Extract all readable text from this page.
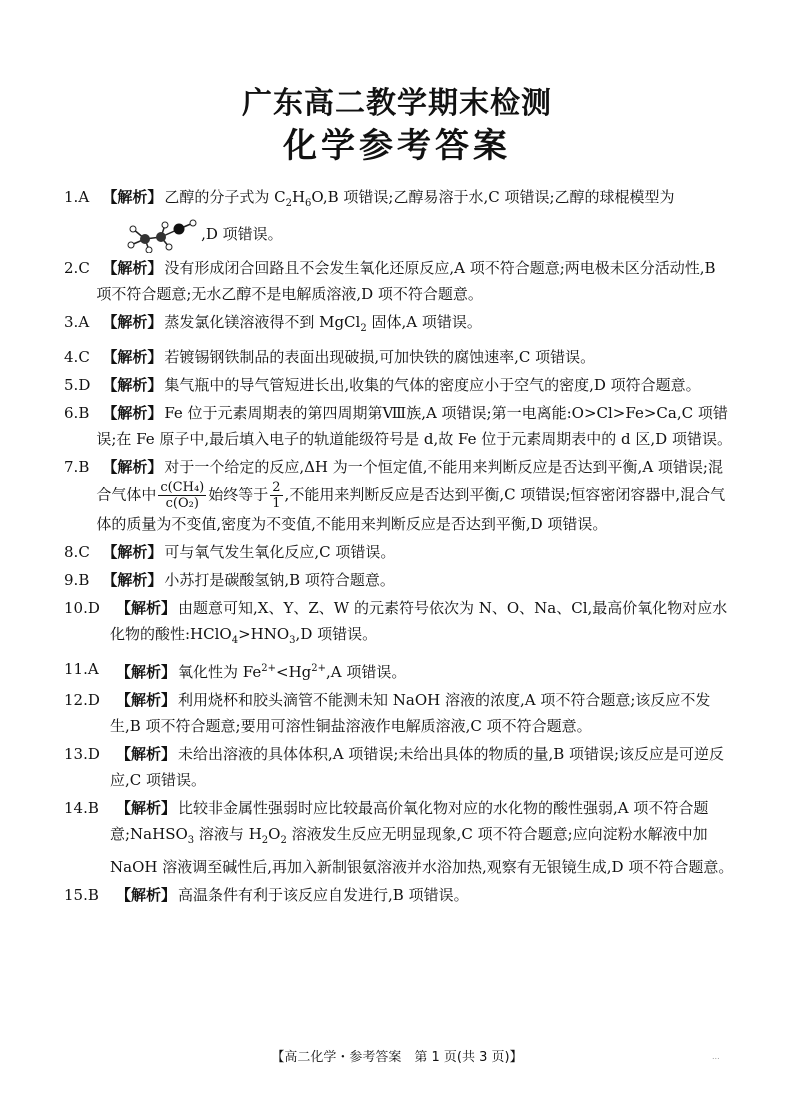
广东高二教学期末检测
化学参考答案
1.A 【解析】 乙醇的分子式为 $C_2H_6O,B$ 项错误;乙醇易溶于水,C 项错误;乙醇的球棍模型为
,D 项错误。
2.C 【解析】 没有形成闭合回路且不会发生氧化还原反应,A 项不符合题意;两电极未区分活动性,B 项不符合题意;无水乙醇不是电解质溶液,D 项不符合题意。
3.A 【解析】 蒸发氯化镁溶液得不到 MgCl$_2$ 固体,A 项错误。
4.C 【解析】 若镀锡钢铁制品的表面出现破损,可加快铁的腐蚀速率,C 项错误。
5.D 【解析】 集气瓶中的导气管短进长出,收集的气体的密度应小于空气的密度,D 项符合题意。
6.B 【解析】 Fe 位于元素周期表的第四周期第Ⅷ族,A 项错误;第一电离能:O>Cl>Fe>Ca,C 项错误;在 Fe 原子中,最后填入电子的轨道能级符号是 d,故 Fe 位于元素周期表中的 d 区,D 项错误。
7.B 【解析】 对于一个给定的反应,ΔH 为一个恒定值,不能用来判断反应是否达到平衡,A 项错误;混合气体中 $\frac{\text{c(CH₄)}}{\text{c(O₂)}}$ 始终等于 $\frac{2}{1}$ ,不能用来判断反应是否达到平衡,C 项错误;恒容密闭容器中,混合气体的质量为不变值,密度为不变值,不能用来判断反应是否达到平衡,D 项错误。
8.C 【解析】 可与氧气发生氧化反应,C 项错误。
9.B 【解析】 小苏打是碳酸氢钠,B 项符合题意。
10.D	【解析】 由题意可知,X、Y、Z、W 的元素符号依次为 N、O、Na、Cl,最高价氧化物对应水化物的酸性$:HClO_4>HNO_3,D$ 项错误。
11.A	【解析】 氧化性为 $Fe^{2+}<Hg^{2+},A$ 项错误。
12.D	【解析】 利用烧杯和胶头滴管不能测未知 NaOH 溶液的浓度,A 项不符合题意;该反应不发生,B 项不符合题意;要用可溶性铜盐溶液作电解质溶液,C 项不符合题意。
13.D	【解析】 未给出溶液的具体体积,A 项错误;未给出具体的物质的量,B 项错误;该反应是可逆反应,C 项错误。
14.B	【解析】 比较非金属性强弱时应比较最高价氧化物对应的水化物的酸性强弱,A 项不符合题意;NaHSO$_3$ 溶液与 $H_2O_2$ 溶液发生反应无明显现象,C 项不符合题意;应向淀粉水解液中加 NaOH 溶液调至碱性后,再加入新制银氨溶液并水浴加热,观察有无银镜生成,D 项不符合题意。
15.B	【解析】 高温条件有利于该反应自发进行,B 项错误。
【高二化学・参考答案　第 1 页(共 3 页)】	...
